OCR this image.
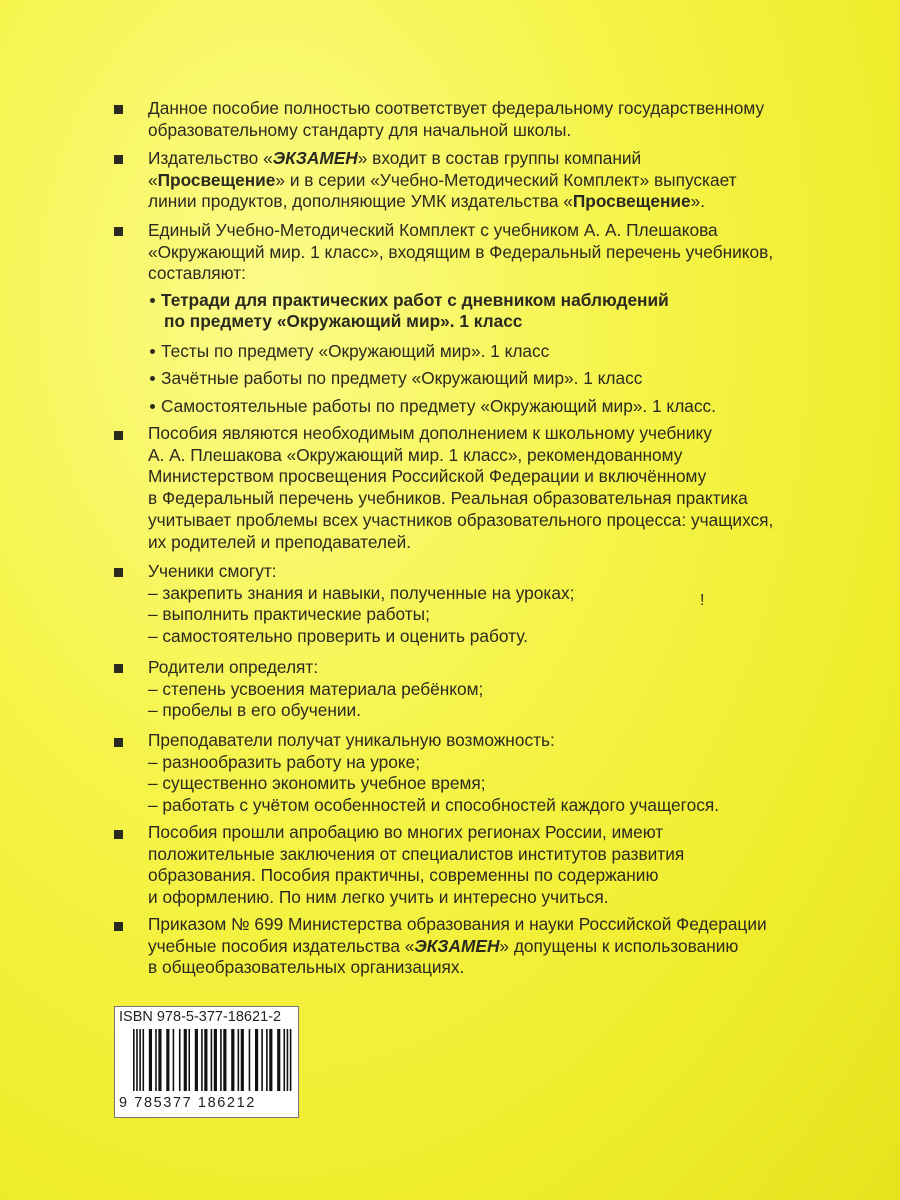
Данное пособие полностью соответствует федеральному государственному

образовательному стандарту для начальной школы.

Издательство «ЭКЗАМЕН» входит в состав группы компаний

«Просвещение» и в серии «Учебно-Методический Комплект» выпускает

линии продуктов, дополняющие УМК издательства «Просвещение».

Единый Учебно-Методический Комплект с учебником А. А. Плешакова

«Окружающий мир. 1 класс», входящим в Федеральный перечень учебников,

составляют:

Тетради для практических работ с дневником наблюдений
по предмету «Окружающий мир». 1 класс
Тесты по предмету «Окружающий мир». 1 класс
Зачётные работы по предмету «Окружающий мир». 1 класс
Самостоятельные работы по предмету «Окружающий мир». 1 класс.

Пособия являются необходимым дополнением к школьному учебнику

А. А. Плешакова «Окружающий мир. 1 класс», рекомендованному

Министерством просвещения Российской Федерации и включённому

в Федеральный перечень учебников. Реальная образовательная практика

учитывает проблемы всех участников образовательного процесса: учащихся,

их родителей и преподавателей.

Ученики смогут:

– закрепить знания и навыки, полученные на уроках;

– выполнить практические работы;

– самостоятельно проверить и оценить работу.

!

Родители определят:

– степень усвоения материала ребёнком;

– пробелы в его обучении.

Преподаватели получат уникальную возможность:

– разнообразить работу на уроке;

– существенно экономить учебное время;

– работать с учётом особенностей и способностей каждого учащегося.

Пособия прошли апробацию во многих регионах России, имеют

положительные заключения от специалистов институтов развития

образования. Пособия практичны, современны по содержанию

и оформлению. По ним легко учить и интересно учиться.

Приказом № 699 Министерства образования и науки Российской Федерации

учебные пособия издательства «ЭКЗАМЕН» допущены к использованию

в общеобразовательных организациях.

ISBN 978-5-377-18621-2
9 785377 186212
